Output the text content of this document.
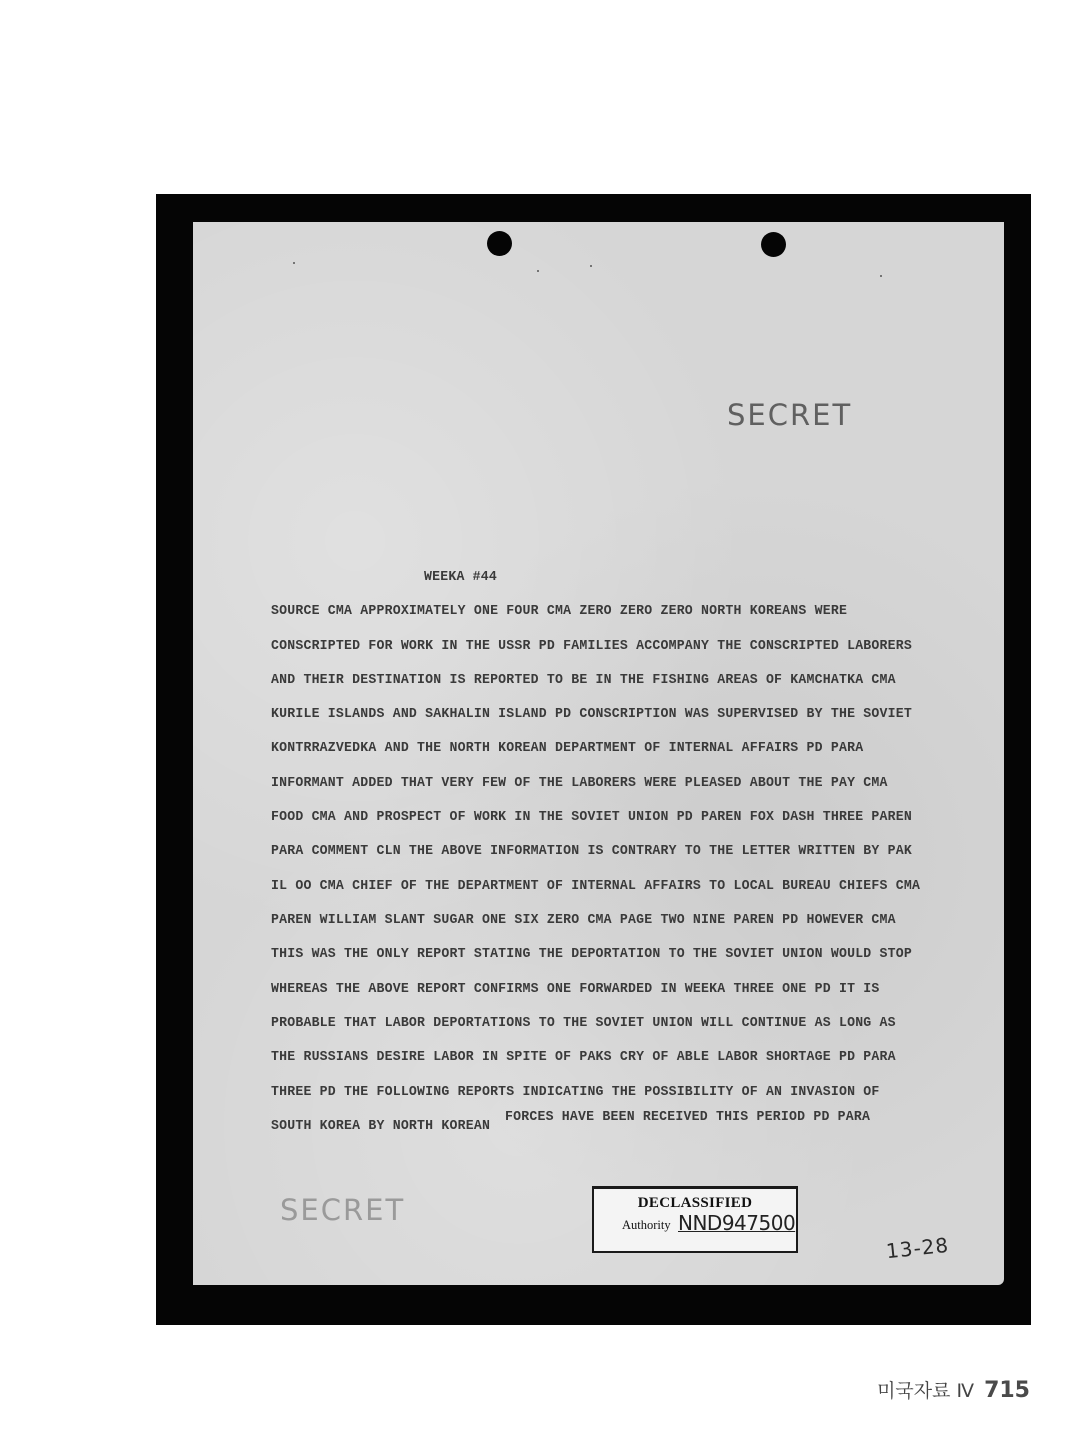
SECRET
WEEKA #44
SOURCE CMA APPROXIMATELY ONE FOUR CMA ZERO ZERO ZERO NORTH KOREANS WERE
CONSCRIPTED FOR WORK IN THE USSR PD FAMILIES ACCOMPANY THE CONSCRIPTED LABORERS
AND THEIR DESTINATION IS REPORTED TO BE IN THE FISHING AREAS OF KAMCHATKA CMA
KURILE ISLANDS AND SAKHALIN ISLAND PD CONSCRIPTION WAS SUPERVISED BY THE SOVIET
KONTRRAZVEDKA AND THE NORTH KOREAN DEPARTMENT OF INTERNAL AFFAIRS PD PARA
INFORMANT ADDED THAT VERY FEW OF THE LABORERS WERE PLEASED ABOUT THE PAY CMA
FOOD CMA AND PROSPECT OF WORK IN THE SOVIET UNION PD PAREN FOX DASH THREE PAREN
PARA COMMENT CLN THE ABOVE INFORMATION IS CONTRARY TO THE LETTER WRITTEN BY PAK
IL OO CMA CHIEF OF THE DEPARTMENT OF INTERNAL AFFAIRS TO LOCAL BUREAU CHIEFS CMA
PAREN WILLIAM SLANT SUGAR ONE SIX ZERO CMA PAGE TWO NINE PAREN PD HOWEVER CMA
THIS WAS THE ONLY REPORT STATING THE DEPORTATION TO THE SOVIET UNION WOULD STOP
WHEREAS THE ABOVE REPORT CONFIRMS ONE FORWARDED IN WEEKA THREE ONE PD IT IS
PROBABLE THAT LABOR DEPORTATIONS TO THE SOVIET UNION WILL CONTINUE AS LONG AS
THE RUSSIANS DESIRE LABOR IN SPITE OF PAKS CRY OF ABLE LABOR SHORTAGE PD PARA
THREE PD THE FOLLOWING REPORTS INDICATING THE POSSIBILITY OF AN INVASION OF
SOUTH KOREA BY NORTH KOREAN
FORCES HAVE BEEN RECEIVED THIS PERIOD PD PARA
SECRET	DECLASSIFIED
Authority NND947500
13-28
미국자료 Ⅳ 715
